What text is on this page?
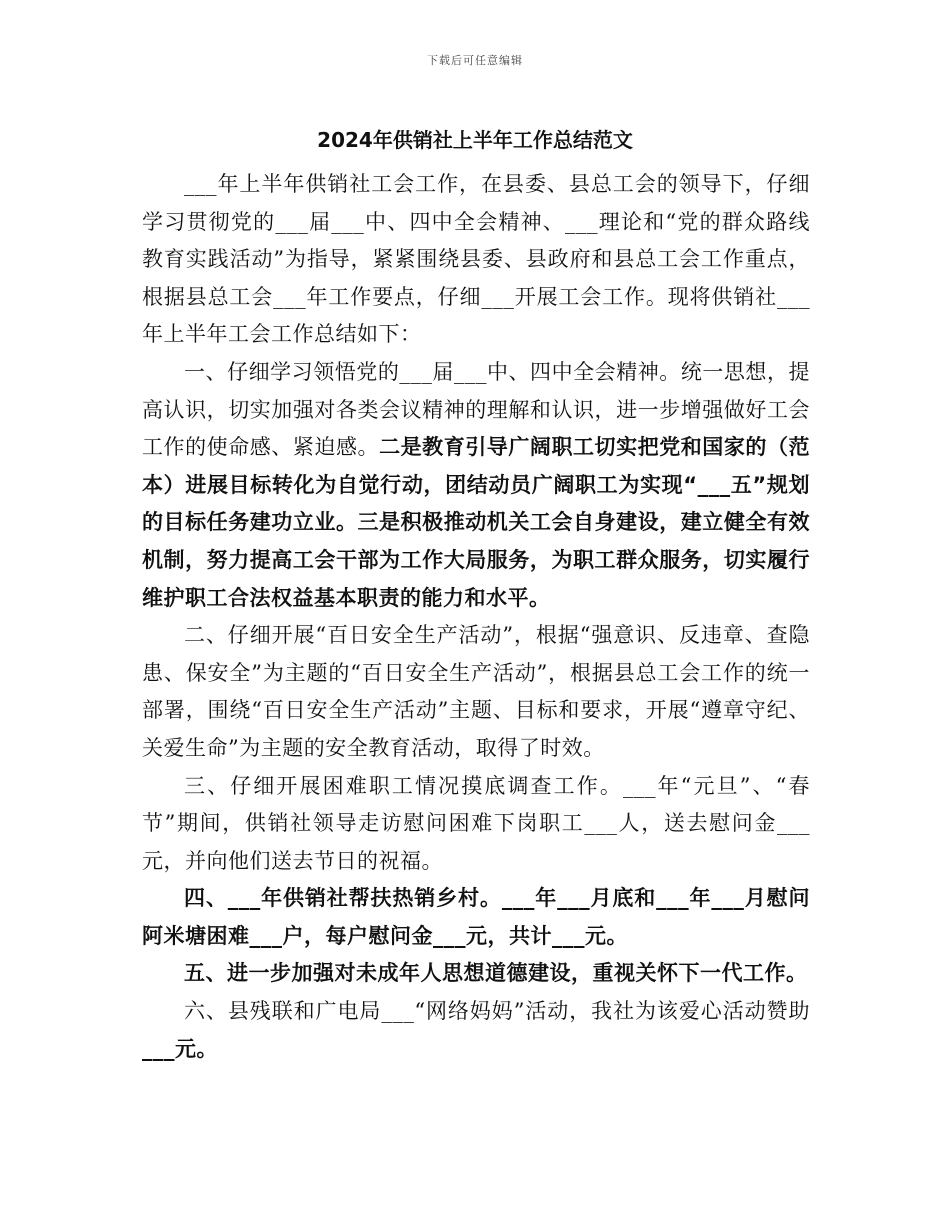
下载后可任意编辑
2024年供销社上半年工作总结范文

___年上半年供销社工会工作，在县委、县总工会的领导下，仔细学习贯彻党的___届___中、四中全会精神、___理论和“党的群众路线教育实践活动”为指导，紧紧围绕县委、县政府和县总工会工作重点，根据县总工会___年工作要点，仔细___开展工会工作。现将供销社___年上半年工会工作总结如下：

一、仔细学习领悟党的___届___中、四中全会精神。统一思想，提高认识，切实加强对各类会议精神的理解和认识，进一步增强做好工会工作的使命感、紧迫感。二是教育引导广阔职工切实把党和国家的（范本）进展目标转化为自觉行动，团结动员广阔职工为实现“___五”规划的目标任务建功立业。三是积极推动机关工会自身建设，建立健全有效机制，努力提高工会干部为工作大局服务，为职工群众服务，切实履行维护职工合法权益基本职责的能力和水平。

二、仔细开展“百日安全生产活动”，根据“强意识、反违章、查隐患、保安全”为主题的“百日安全生产活动”，根据县总工会工作的统一部署，围绕“百日安全生产活动”主题、目标和要求，开展“遵章守纪、关爱生命”为主题的安全教育活动，取得了时效。

三、仔细开展困难职工情况摸底调查工作。___年“元旦”、“春节”期间，供销社领导走访慰问困难下岗职工___人，送去慰问金___元，并向他们送去节日的祝福。

四、___年供销社帮扶热销乡村。___年___月底和___年___月慰问阿米塘困难___户，每户慰问金___元，共计___元。

五、进一步加强对未成年人思想道德建设，重视关怀下一代工作。

六、县残联和广电局___“网络妈妈”活动，我社为该爱心活动赞助___元。
